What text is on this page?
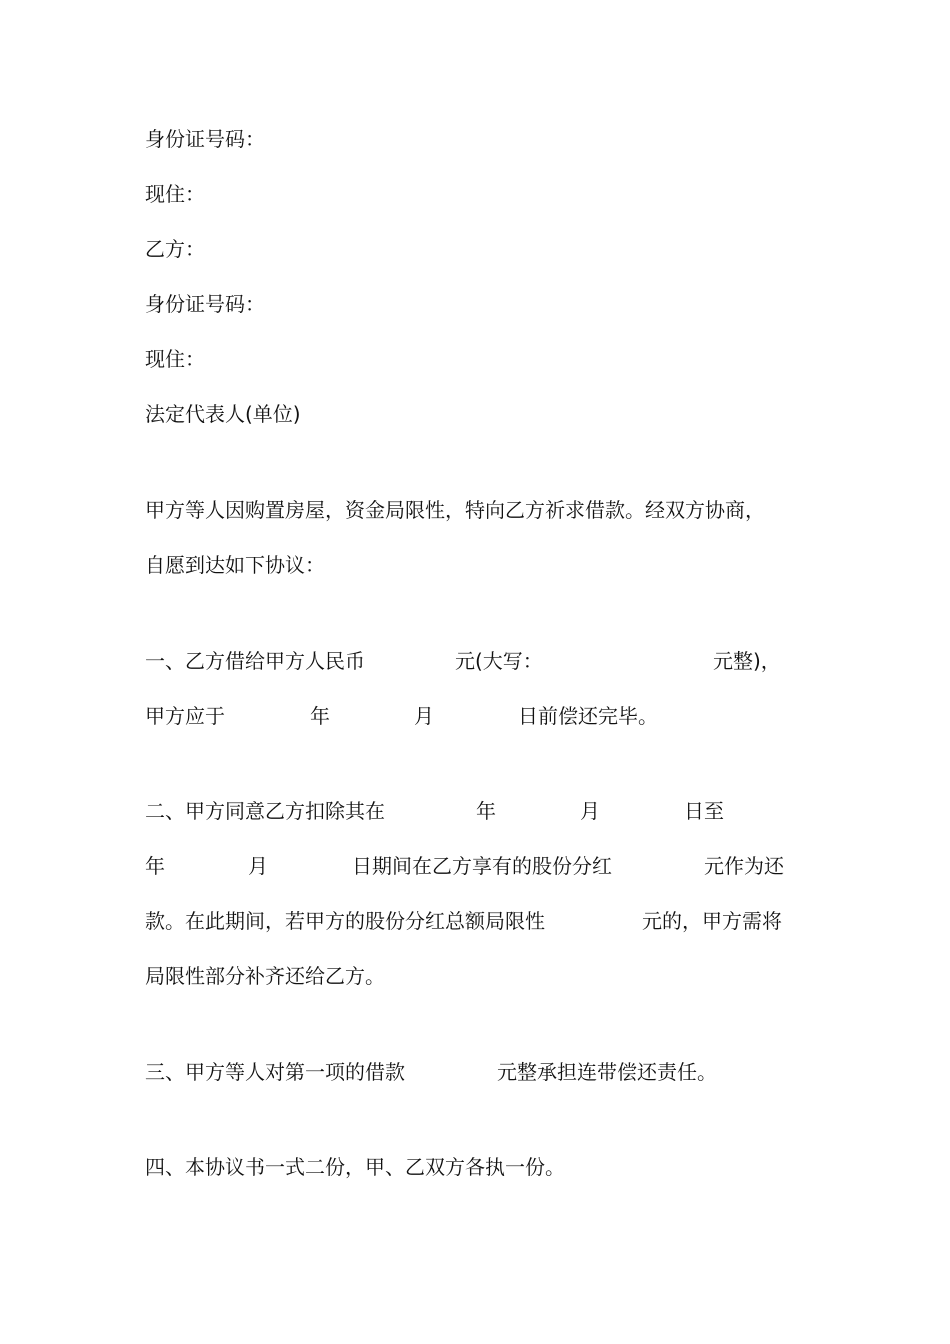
身份证号码：
现住：
乙方：
身份证号码：
现住：
法定代表人(单位)
甲方等人因购置房屋，资金局限性，特向乙方祈求借款。经双方协商，
自愿到达如下协议：
一、乙方借给甲方人民币	元(大写：	元整)，
甲方应于	年	月	日前偿还完毕。
二、甲方同意乙方扣除其在	年	月	日至
年	月	日期间在乙方享有的股份分红	元作为还
款。在此期间，若甲方的股份分红总额局限性	元的，甲方需将
局限性部分补齐还给乙方。
三、甲方等人对第一项的借款	元整承担连带偿还责任。
四、本协议书一式二份，甲、乙双方各执一份。
